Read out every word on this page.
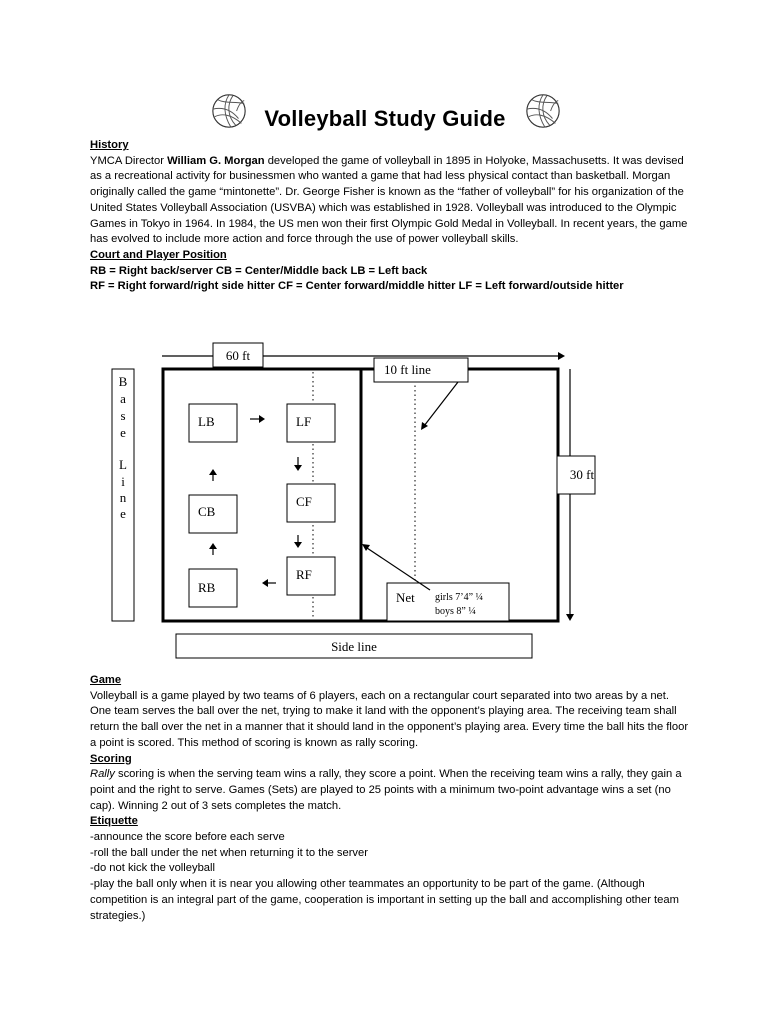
Volleyball Study Guide
History
YMCA Director William G. Morgan developed the game of volleyball in 1895 in Holyoke, Massachusetts. It was devised as a recreational activity for businessmen who wanted a game that had less physical contact than basketball. Morgan originally called the game “mintonette”. Dr. George Fisher is known as the “father of volleyball” for his organization of the United States Volleyball Association (USVBA) which was established in 1928. Volleyball was introduced to the Olympic Games in Tokyo in 1964. In 1984, the US men won their first Olympic Gold Medal in Volleyball. In recent years, the game has evolved to include more action and force through the use of power volleyball skills.
Court and Player Position
RB = Right back/server CB = Center/Middle back LB = Left back
RF = Right forward/right side hitter CF = Center forward/middle hitter LF = Left forward/outside hitter
60 ft
B
a
s
e
L
i
n
e
10 ft line
30 ft
LB	LF
CB
CF
RB
RF
Net girls 7’4” ¼
boys 8” ¼
Side line
Game
Volleyball is a game played by two teams of 6 players, each on a rectangular court separated into two areas by a net. One team serves the ball over the net, trying to make it land with the opponent’s playing area. The receiving team shall return the ball over the net in a manner that it should land in the opponent’s playing area. Every time the ball hits the floor a point is scored. This method of scoring is known as rally scoring.
Scoring
Rally scoring is when the serving team wins a rally, they score a point. When the receiving team wins a rally, they gain a point and the right to serve. Games (Sets) are played to 25 points with a minimum two-point advantage wins a set (no cap). Winning 2 out of 3 sets completes the match.
Etiquette
-announce the score before each serve
-roll the ball under the net when returning it to the server
-do not kick the volleyball
-play the ball only when it is near you allowing other teammates an opportunity to be part of the game. (Although competition is an integral part of the game, cooperation is important in setting up the ball and accomplishing other team strategies.)
